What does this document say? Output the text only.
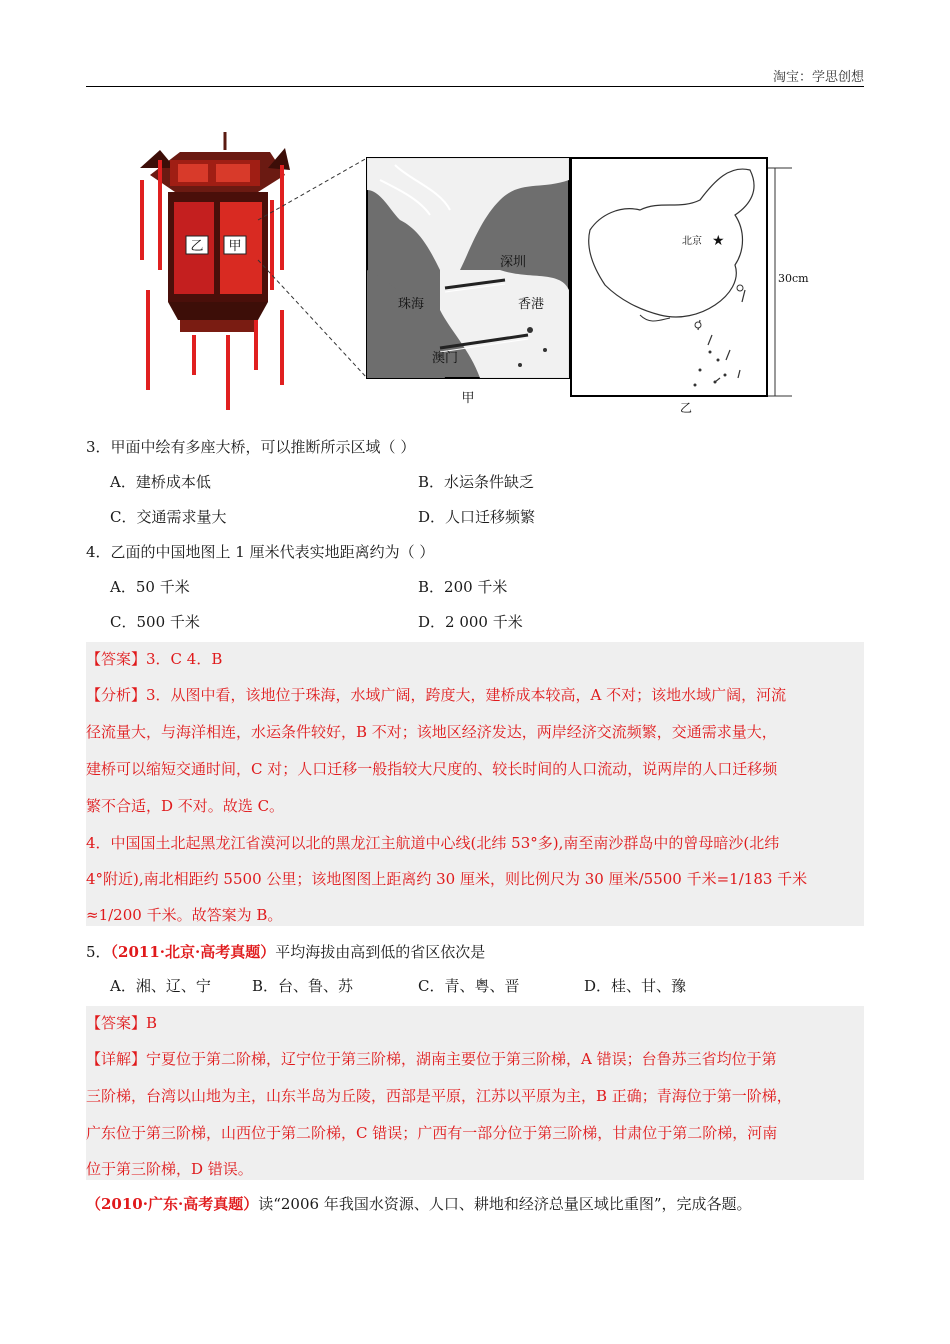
淘宝：学思创想
乙 甲
深圳
珠海	香港
澳门
甲
★
北京
30cm
乙
3．甲面中绘有多座大桥，可以推断所示区域（ ）
A．建桥成本低	B．水运条件缺乏
C．交通需求量大	D．人口迁移频繁
4．乙面的中国地图上 1 厘米代表实地距离约为（ ）
A．50 千米	B．200 千米
C．500 千米	D．2 000 千米
【答案】3．C 4．B
【分析】3．从图中看，该地位于珠海，水域广阔，跨度大，建桥成本较高，A 不对；该地水域广阔，河流
径流量大，与海洋相连，水运条件较好，B 不对；该地区经济发达，两岸经济交流频繁，交通需求量大，
建桥可以缩短交通时间，C 对；人口迁移一般指较大尺度的、较长时间的人口流动，说两岸的人口迁移频
繁不合适，D 不对。故选 C。
4．中国国土北起黑龙江省漠河以北的黑龙江主航道中心线(北纬 53°多),南至南沙群岛中的曾母暗沙(北纬
4°附近),南北相距约 5500 公里；该地图图上距离约 30 厘米，则比例尺为 30 厘米/5500 千米=1/183 千米
≈1/200 千米。故答案为 B。
5．（2011·北京·高考真题）平均海拔由高到低的省区依次是
A．湘、辽、宁	B．台、鲁、苏	C．青、粤、晋	D．桂、甘、豫
【答案】B
【详解】宁夏位于第二阶梯，辽宁位于第三阶梯，湖南主要位于第三阶梯，A 错误；台鲁苏三省均位于第
三阶梯，台湾以山地为主，山东半岛为丘陵，西部是平原，江苏以平原为主，B 正确；青海位于第一阶梯，
广东位于第三阶梯，山西位于第二阶梯，C 错误；广西有一部分位于第三阶梯，甘肃位于第二阶梯，河南
位于第三阶梯，D 错误。
（2010·广东·高考真题）读“2006 年我国水资源、人口、耕地和经济总量区域比重图”，完成各题。
